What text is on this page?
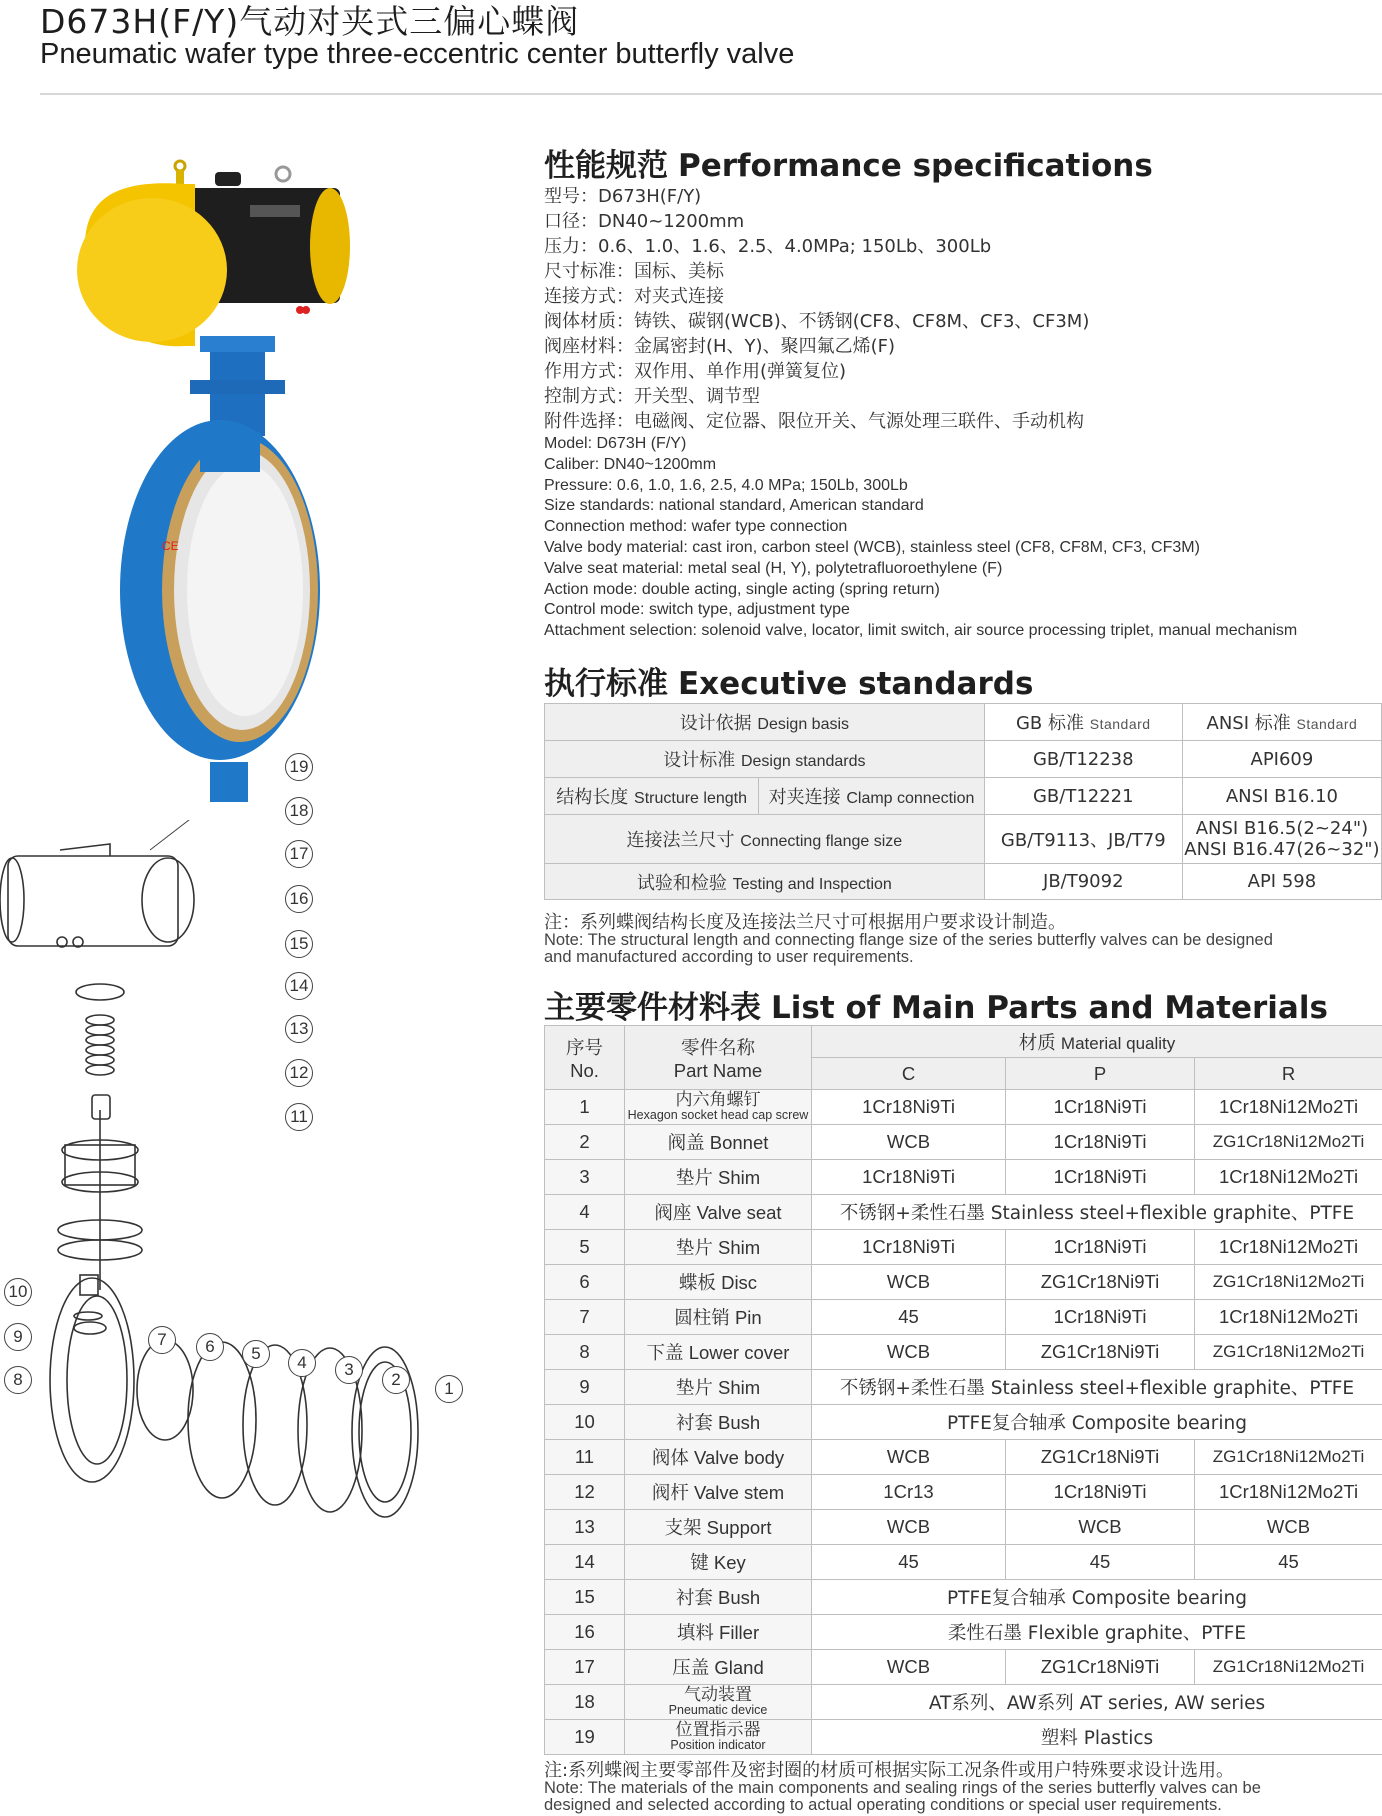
D673H(F/Y)气动对夹式三偏心蝶阀
Pneumatic wafer type three-eccentric center butterfly valve
CE
19
18
17
16
15
14
13
12
11
10
9
8
7	6	5	4	3
2	1
性能规范 Performance specifications
型号：D673H(F/Y)
口径：DN40~1200mm
压力：0.6、1.0、1.6、2.5、4.0MPa; 150Lb、300Lb
尺寸标准：国标、美标
连接方式：对夹式连接
阀体材质：铸铁、碳钢(WCB)、不锈钢(CF8、CF8M、CF3、CF3M)
阀座材料：金属密封(H、Y)、聚四氟乙烯(F)
作用方式：双作用、单作用(弹簧复位)
控制方式：开关型、调节型
附件选择：电磁阀、定位器、限位开关、气源处理三联件、手动机构
Model: D673H (F/Y)
Caliber: DN40~1200mm
Pressure: 0.6, 1.0, 1.6, 2.5, 4.0 MPa; 150Lb, 300Lb
Size standards: national standard, American standard
Connection method: wafer type connection
Valve body material: cast iron, carbon steel (WCB), stainless steel (CF8, CF8M, CF3, CF3M)
Valve seat material: metal seal (H, Y), polytetrafluoroethylene (F)
Action mode: double acting, single acting (spring return)
Control mode: switch type, adjustment type
Attachment selection: solenoid valve, locator, limit switch, air source processing triplet, manual mechanism
执行标准 Executive standards
设计依据 Design basis		GB 标准 Standard	ANSI 标准 Standard
设计标准 Design standards		GB/T12238	API609
结构长度 Structure length	对夹连接 Clamp connection	GB/T12221	ANSI B16.10
连接法兰尺寸 Connecting flange size		GB/T9113、JB/T79	ANSI B16.5(2~24")
ANSI B16.47(26~32")
试验和检验 Testing and Inspection		JB/T9092	API 598
注：系列蝶阀结构长度及连接法兰尺寸可根据用户要求设计制造。
Note: The structural length and connecting flange size of the series butterfly valves can be designed
and manufactured according to user requirements.
主要零件材料表 List of Main Parts and Materials
序号
No.	零件名称
Part Name	材质 Material quality		
		C	P	R
1	内六角螺钉
Hexagon socket head cap screw	1Cr18Ni9Ti	1Cr18Ni9Ti	1Cr18Ni12Mo2Ti
2	阀盖 Bonnet	WCB	1Cr18Ni9Ti	ZG1Cr18Ni12Mo2Ti
3	垫片 Shim	1Cr18Ni9Ti	1Cr18Ni9Ti	1Cr18Ni12Mo2Ti
4	阀座 Valve seat	不锈钢+柔性石墨 Stainless steel+flexible graphite、PTFE		
5	垫片 Shim	1Cr18Ni9Ti	1Cr18Ni9Ti	1Cr18Ni12Mo2Ti
6	蝶板 Disc	WCB	ZG1Cr18Ni9Ti	ZG1Cr18Ni12Mo2Ti
7	圆柱销 Pin	45	1Cr18Ni9Ti	1Cr18Ni12Mo2Ti
8	下盖 Lower cover	WCB	ZG1Cr18Ni9Ti	ZG1Cr18Ni12Mo2Ti
9	垫片 Shim	不锈钢+柔性石墨 Stainless steel+flexible graphite、PTFE		
10	衬套 Bush	PTFE复合轴承 Composite bearing		
11	阀体 Valve body	WCB	ZG1Cr18Ni9Ti	ZG1Cr18Ni12Mo2Ti
12	阀杆 Valve stem	1Cr13	1Cr18Ni9Ti	1Cr18Ni12Mo2Ti
13	支架 Support	WCB	WCB	WCB
14	键 Key	45	45	45
15	衬套 Bush	PTFE复合轴承 Composite bearing		
16	填料 Filler	柔性石墨 Flexible graphite、PTFE		
17	压盖 Gland	WCB	ZG1Cr18Ni9Ti	ZG1Cr18Ni12Mo2Ti
18	气动装置
Pneumatic device	AT系列、AW系列 AT series, AW series		
19	位置指示器
Position indicator	塑料 Plastics		
注:系列蝶阀主要零部件及密封圈的材质可根据实际工况条件或用户特殊要求设计选用。
Note: The materials of the main components and sealing rings of the series butterfly valves can be
designed and selected according to actual operating conditions or special user requirements.
